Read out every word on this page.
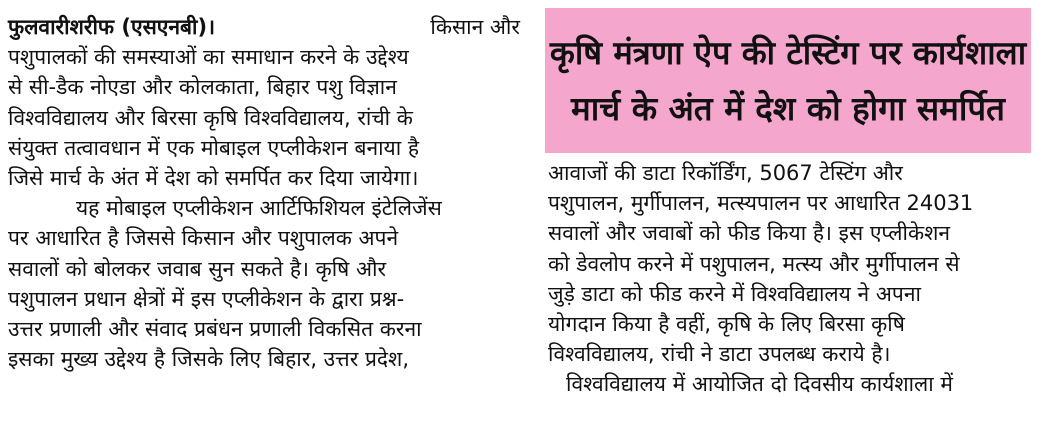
फुलवारीशरीफ (एसएनबी)।	किसान और
पशुपालकों की समस्याओं का समाधान करने के उद्देश्य
से सी-डैक नोएडा और कोलकाता, बिहार पशु विज्ञान
विश्वविद्यालय और बिरसा कृषि विश्वविद्यालय, रांची के
संयुक्त तत्वावधान में एक मोबाइल एप्लीकेशन बनाया है
जिसे मार्च के अंत में देश को समर्पित कर दिया जायेगा।
यह मोबाइल एप्लीकेशन आर्टिफिशियल इंटेलिजेंस
पर आधारित है जिससे किसान और पशुपालक अपने
सवालों को बोलकर जवाब सुन सकते है। कृषि और
पशुपालन प्रधान क्षेत्रों में इस एप्लीकेशन के द्वारा प्रश्न-
उत्तर प्रणाली और संवाद प्रबंधन प्रणाली विकसित करना
इसका मुख्य उद्देश्य है जिसके लिए बिहार, उत्तर प्रदेश,
कृषि मंत्रणा ऐप की टेस्टिंग पर कार्यशाला
मार्च के अंत में देश को होगा समर्पित
आवाजों की डाटा रिकॉर्डिंग, 5067 टेस्टिंग और
पशुपालन, मुर्गीपालन, मत्स्यपालन पर आधारित 24031
सवालों और जवाबों को फीड किया है। इस एप्लीकेशन
को डेवलोप करने में पशुपालन, मत्स्य और मुर्गीपालन से
जुड़े डाटा को फीड करने में विश्वविद्यालय ने अपना
योगदान किया है वहीं, कृषि के लिए बिरसा कृषि
विश्वविद्यालय, रांची ने डाटा उपलब्ध कराये है।
विश्वविद्यालय में आयोजित दो दिवसीय कार्यशाला में
